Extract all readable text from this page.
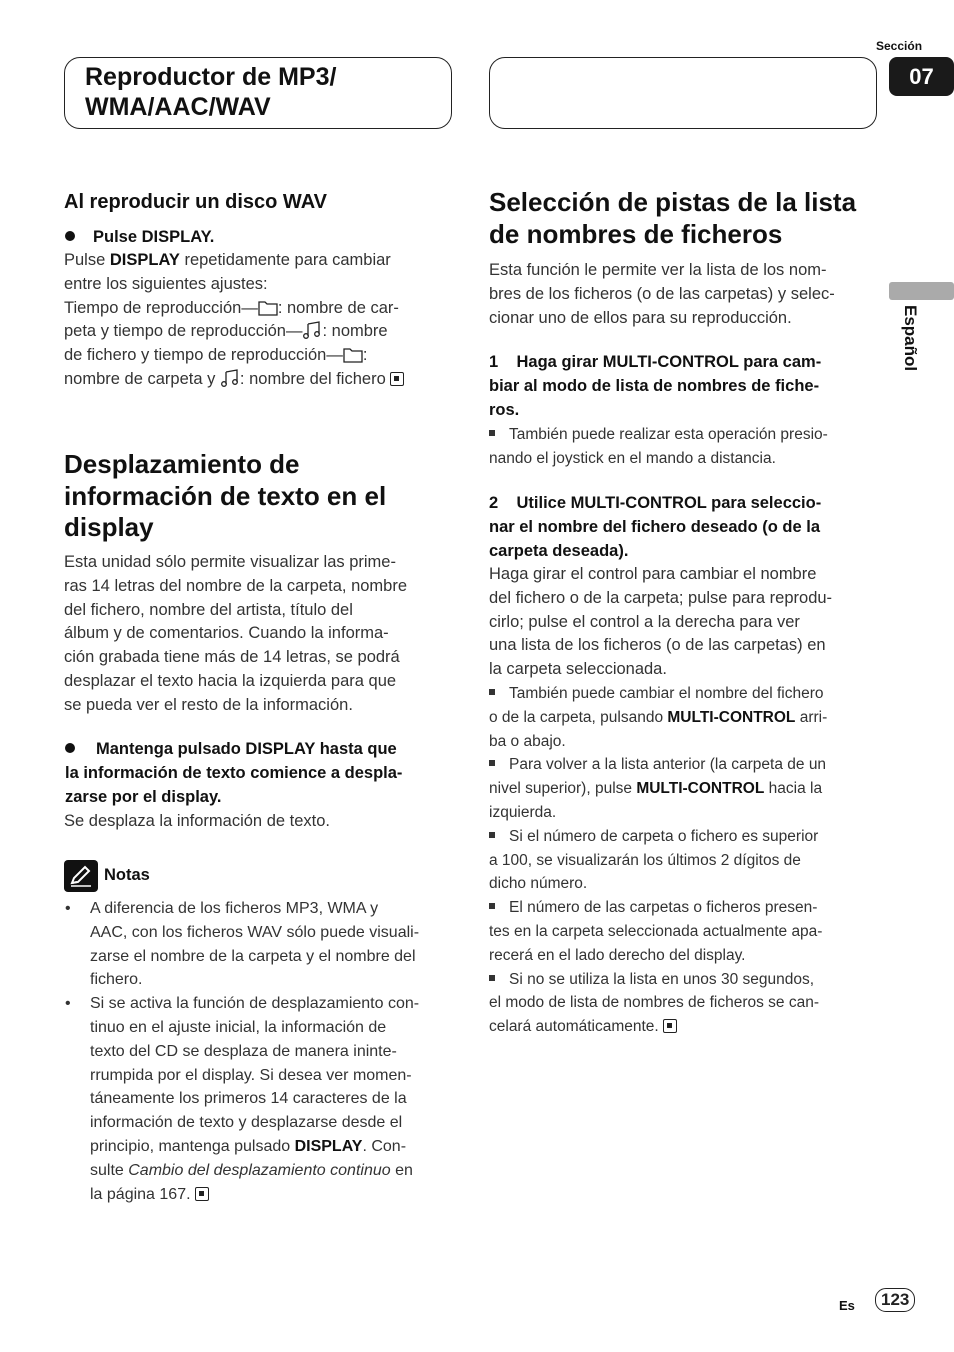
Reproductor de MP3/
WMA/AAC/WAV
Sección
07
Español
Al reproducir un disco WAV
Pulse DISPLAY.
Pulse DISPLAY repetidamente para cambiar
entre los siguientes ajustes:
Tiempo de reproducción— : nombre de car-
peta y tiempo de reproducción— : nombre
de fichero y tiempo de reproducción— :
nombre de carpeta y : nombre del fichero
Desplazamiento de
información de texto en el
display
Esta unidad sólo permite visualizar las prime-
ras 14 letras del nombre de la carpeta, nombre
del fichero, nombre del artista, título del
álbum y de comentarios. Cuando la informa-
ción grabada tiene más de 14 letras, se podrá
desplazar el texto hacia la izquierda para que
se pueda ver el resto de la información.
Mantenga pulsado DISPLAY hasta que
la información de texto comience a despla-
zarse por el display.
Se desplaza la información de texto.
Notas
• A diferencia de los ficheros MP3, WMA y
AAC, con los ficheros WAV sólo puede visuali-
zarse el nombre de la carpeta y el nombre del
fichero.
• Si se activa la función de desplazamiento con-
tinuo en el ajuste inicial, la información de
texto del CD se desplaza de manera ininte-
rrumpida por el display. Si desea ver momen-
táneamente los primeros 14 caracteres de la
información de texto y desplazarse desde el
principio, mantenga pulsado DISPLAY. Con-
sulte Cambio del desplazamiento continuo en
la página 167.
Selección de pistas de la lista
de nombres de ficheros
Esta función le permite ver la lista de los nom-
bres de los ficheros (o de las carpetas) y selec-
cionar uno de ellos para su reproducción.
1    Haga girar MULTI-CONTROL para cam-
biar al modo de lista de nombres de fiche-
ros.
También puede realizar esta operación presio-
nando el joystick en el mando a distancia.
2    Utilice MULTI-CONTROL para seleccio-
nar el nombre del fichero deseado (o de la
carpeta deseada).
Haga girar el control para cambiar el nombre
del fichero o de la carpeta; pulse para reprodu-
cirlo; pulse el control a la derecha para ver
una lista de los ficheros (o de las carpetas) en
la carpeta seleccionada.
También puede cambiar el nombre del fichero
o de la carpeta, pulsando MULTI-CONTROL arri-
ba o abajo.
Para volver a la lista anterior (la carpeta de un
nivel superior), pulse MULTI-CONTROL hacia la
izquierda.
Si el número de carpeta o fichero es superior
a 100, se visualizarán los últimos 2 dígitos de
dicho número.
El número de las carpetas o ficheros presen-
tes en la carpeta seleccionada actualmente apa-
recerá en el lado derecho del display.
Si no se utiliza la lista en unos 30 segundos,
el modo de lista de nombres de ficheros se can-
celará automáticamente.
Es	123
